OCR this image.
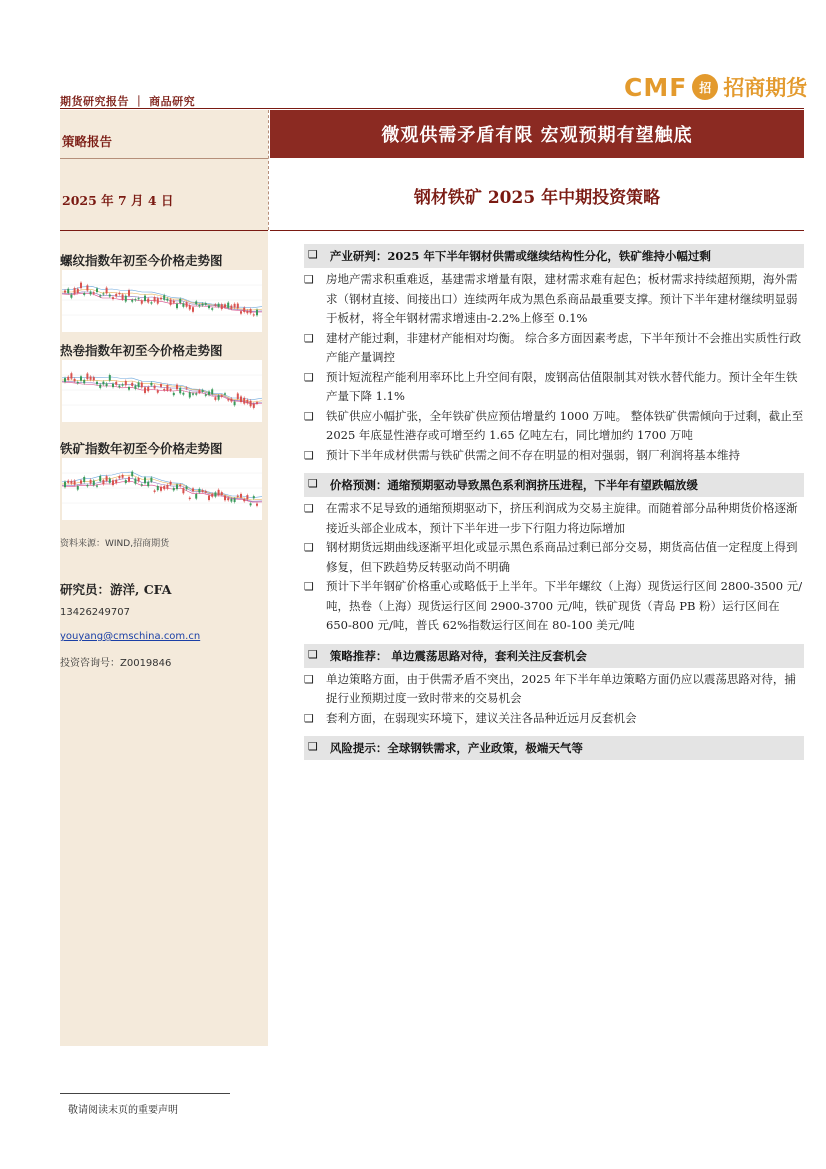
期货研究报告 ｜ 商品研究	CMF 招 招商期货
策略报告
2025 年 7 月 4 日
螺纹指数年初至今价格走势图
热卷指数年初至今价格走势图
铁矿指数年初至今价格走势图
资料来源：WIND,招商期货
研究员：游洋, CFA
13426249707
youyang@cmschina.com.cn
投资咨询号：Z0019846
微观供需矛盾有限 宏观预期有望触底
钢材铁矿 2025 年中期投资策略
❑ 产业研判：2025 年下半年钢材供需或继续结构性分化，铁矿维持小幅过剩
❑	房地产需求积重难返，基建需求增量有限，建材需求难有起色；板材需求持续超预期，海外需求（钢材直接、间接出口）连续两年成为黑色系商品最重要支撑。预计下半年建材继续明显弱于板材，将全年钢材需求增速由-2.2%上修至 0.1%
❑	建材产能过剩，非建材产能相对均衡。 综合多方面因素考虑，下半年预计不会推出实质性行政产能产量调控
❑	预计短流程产能利用率环比上升空间有限，废钢高估值限制其对铁水替代能力。预计全年生铁产量下降 1.1%
❑	铁矿供应小幅扩张，全年铁矿供应预估增量约 1000 万吨。 整体铁矿供需倾向于过剩，截止至 2025 年底显性港存或可增至约 1.65 亿吨左右，同比增加约 1700 万吨
❑	预计下半年成材供需与铁矿供需之间不存在明显的相对强弱，钢厂利润将基本维持
❑ 价格预测：通缩预期驱动导致黑色系利润挤压进程，下半年有望跌幅放缓
❑	在需求不足导致的通缩预期驱动下，挤压利润成为交易主旋律。而随着部分品种期货价格逐渐接近头部企业成本，预计下半年进一步下行阻力将边际增加
❑	钢材期货远期曲线逐渐平坦化或显示黑色系商品过剩已部分交易，期货高估值一定程度上得到修复，但下跌趋势反转驱动尚不明确
❑	预计下半年钢矿价格重心或略低于上半年。下半年螺纹（上海）现货运行区间 2800-3500 元/吨，热卷（上海）现货运行区间 2900-3700 元/吨，铁矿现货（青岛 PB 粉）运行区间在 650-800 元/吨，普氏 62%指数运行区间在 80-100 美元/吨
❑ 策略推荐： 单边震荡思路对待，套利关注反套机会
❑	单边策略方面，由于供需矛盾不突出，2025 年下半年单边策略方面仍应以震荡思路对待，捕捉行业预期过度一致时带来的交易机会
❑	套利方面，在弱现实环境下，建议关注各品种近远月反套机会
❑ 风险提示：全球钢铁需求，产业政策，极端天气等
敬请阅读末页的重要声明
